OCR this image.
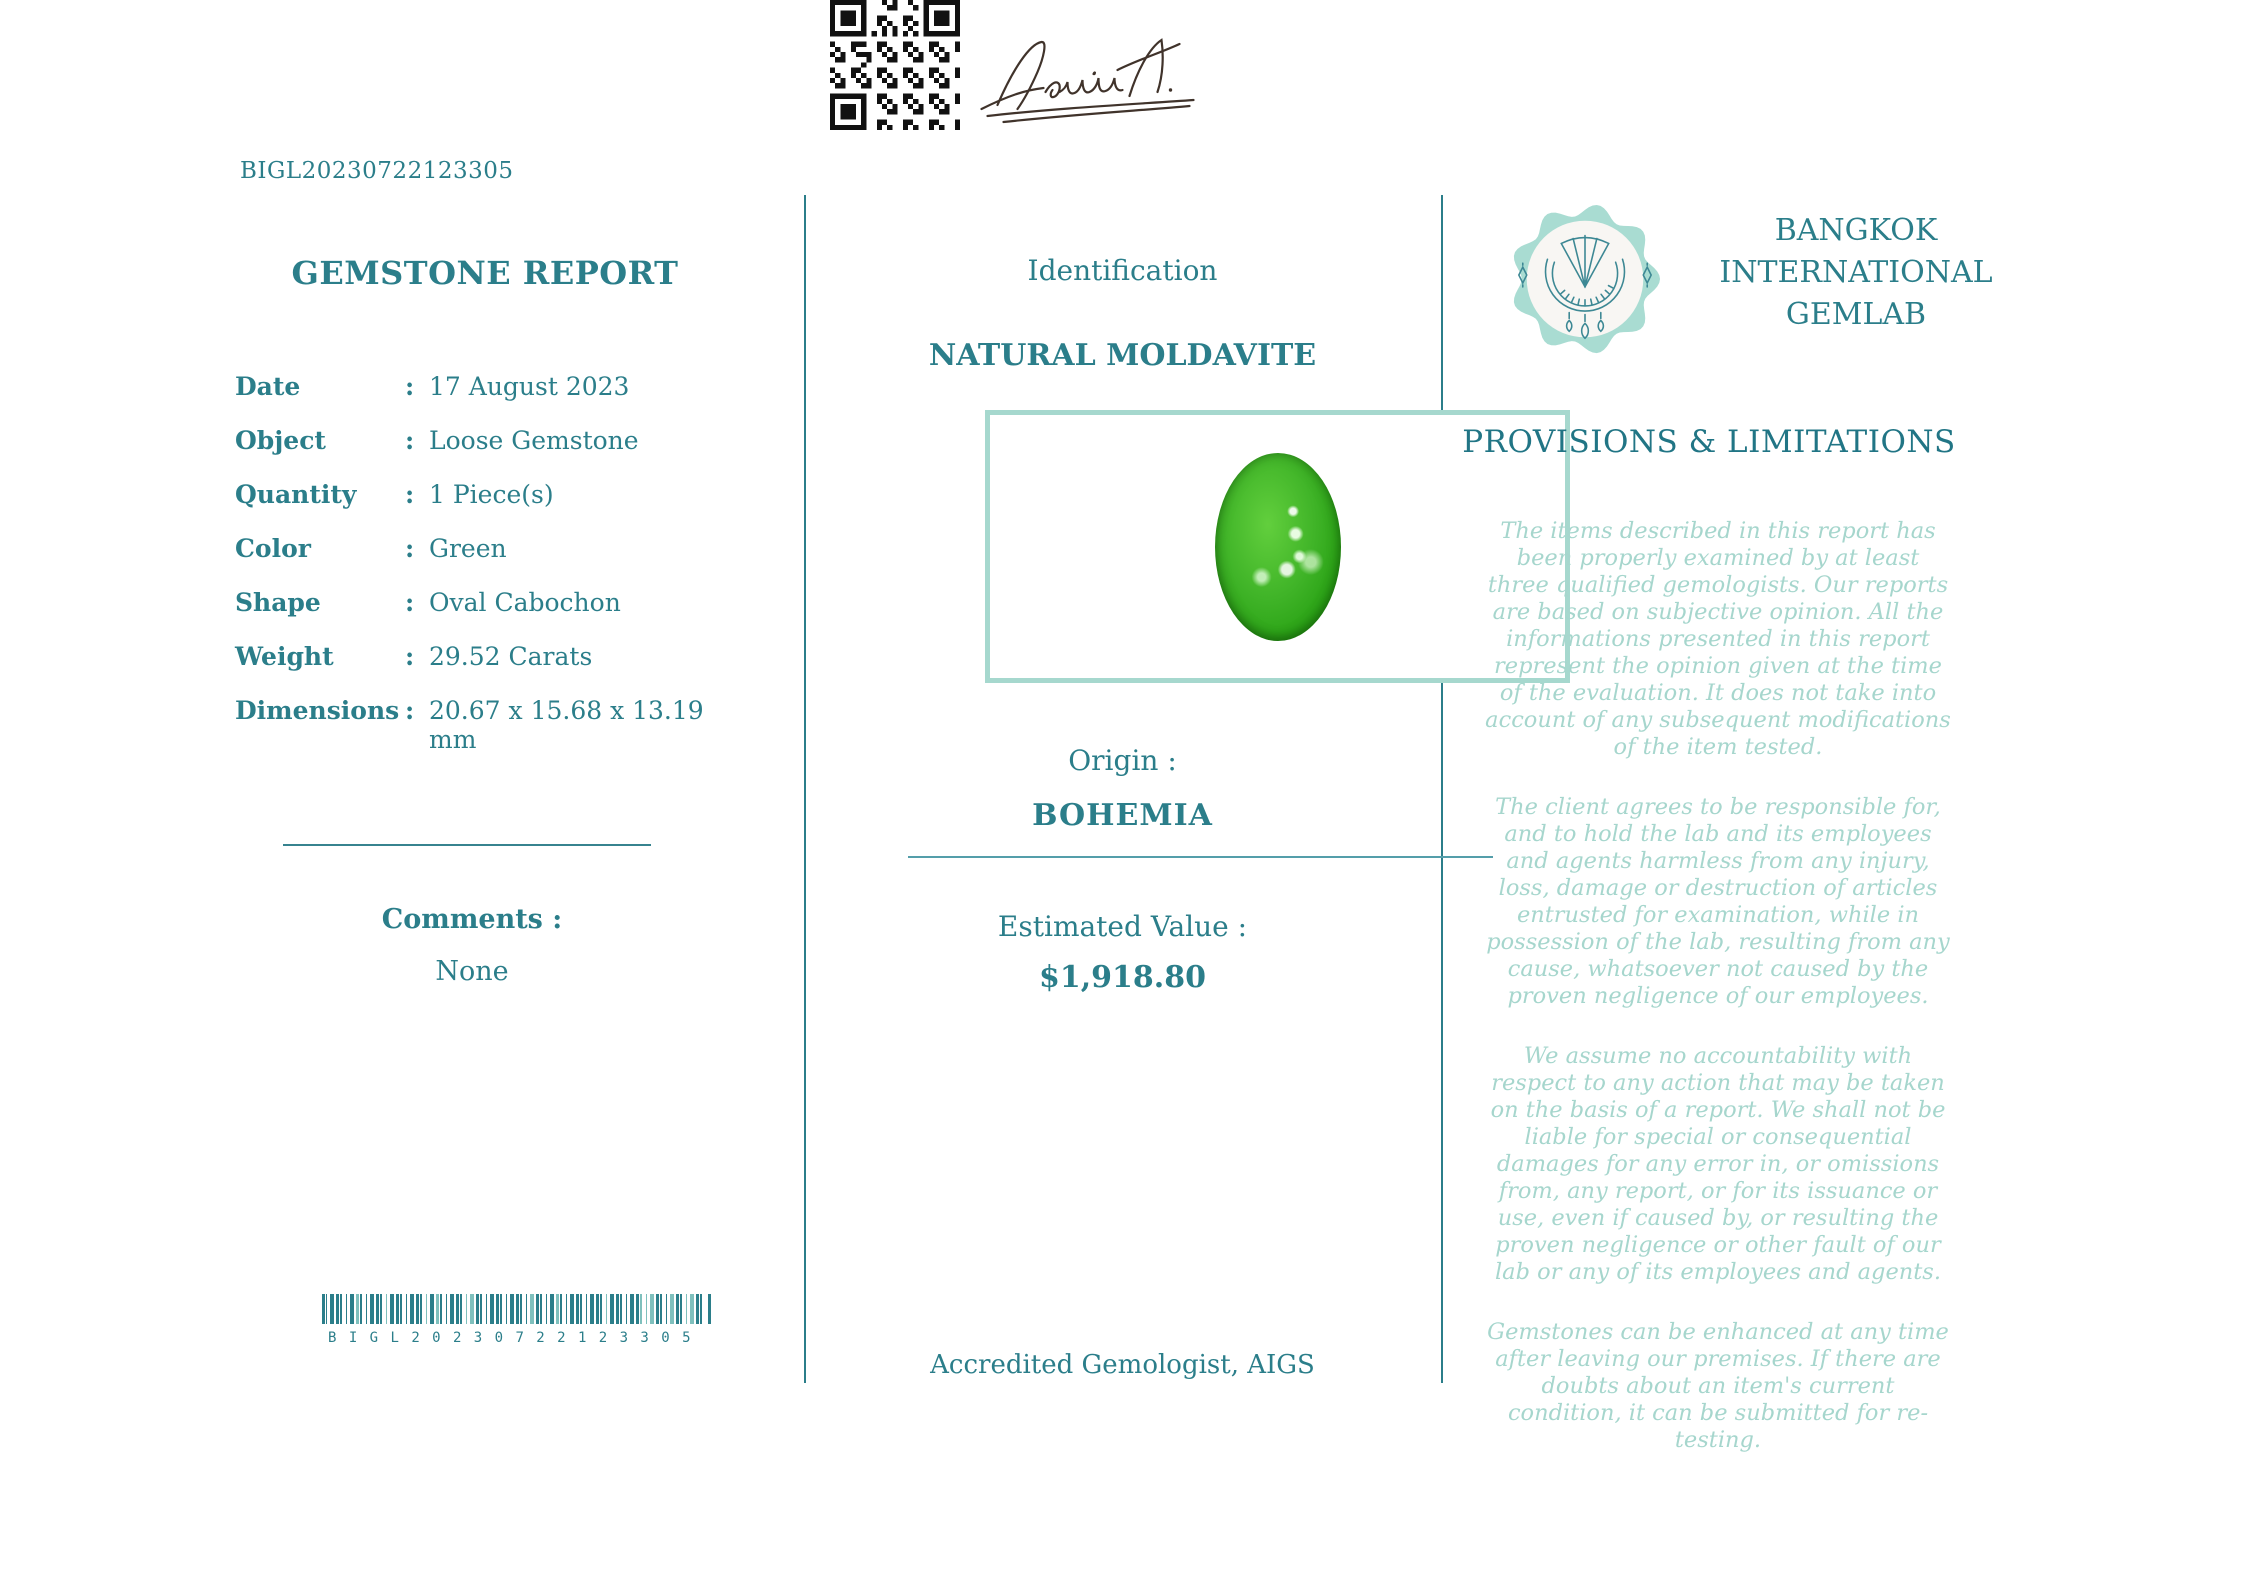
BIGL20230722123305
GEMSTONE REPORT
Date	: 17 August 2023
Object	: Loose Gemstone
Quantity	: 1 Piece(s)
Color	: Green
Shape	: Oval Cabochon
Weight	: 29.52 Carats
Dimensions : 20.67 x 15.68 x 13.19 mm
Comments :
None
BIGL20230722123305
Identification
NATURAL MOLDAVITE
Origin :
BOHEMIA
Estimated Value :
$1,918.80

Accredited Gemologist, AIGS
BANGKOK INTERNATIONAL GEMLAB
PROVISIONS & LIMITATIONS

The items described in this report has been properly examined by at least three qualified gemologists. Our reports are based on subjective opinion. All the informations presented in this report represent the opinion given at the time of the evaluation. It does not take into account of any subsequent modifications of the item tested.

The client agrees to be responsible for, and to hold the lab and its employees and agents harmless from any injury, loss, damage or destruction of articles entrusted for examination, while in possession of the lab, resulting from any cause, whatsoever not caused by the proven negligence of our employees.

We assume no accountability with respect to any action that may be taken on the basis of a report. We shall not be liable for special or consequential damages for any error in, or omissions from, any report, or for its issuance or use, even if caused by, or resulting the proven negligence or other fault of our lab or any of its employees and agents.

Gemstones can be enhanced at any time after leaving our premises. If there are doubts about an item's current condition, it can be submitted for re-testing.
